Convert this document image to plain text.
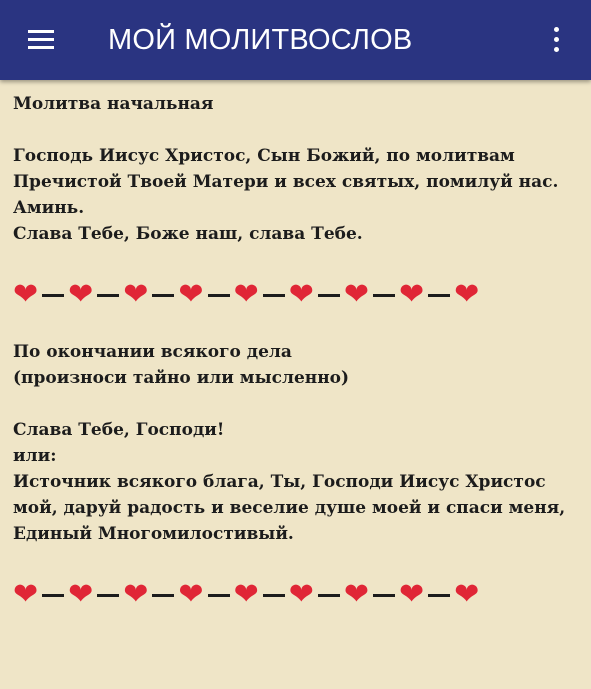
МОЙ МОЛИТВОСЛОВ
Молитва начальная
Господь Иисус Христос, Сын Божий, по молитвам
Пречистой Твоей Матери и всех святых, помилуй нас.
Аминь.
Слава Тебе, Боже наш, слава Тебе.
❤ ❤ ❤ ❤ ❤ ❤ ❤ ❤ ❤
По окончании всякого дела
(произноси тайно или мысленно)
Слава Тебе, Господи!
или:
Источник всякого блага, Ты, Господи Иисус Христос
мой, даруй радость и веселие душе моей и спаси меня,
Единый Многомилостивый.
❤ ❤ ❤ ❤ ❤ ❤ ❤ ❤ ❤
